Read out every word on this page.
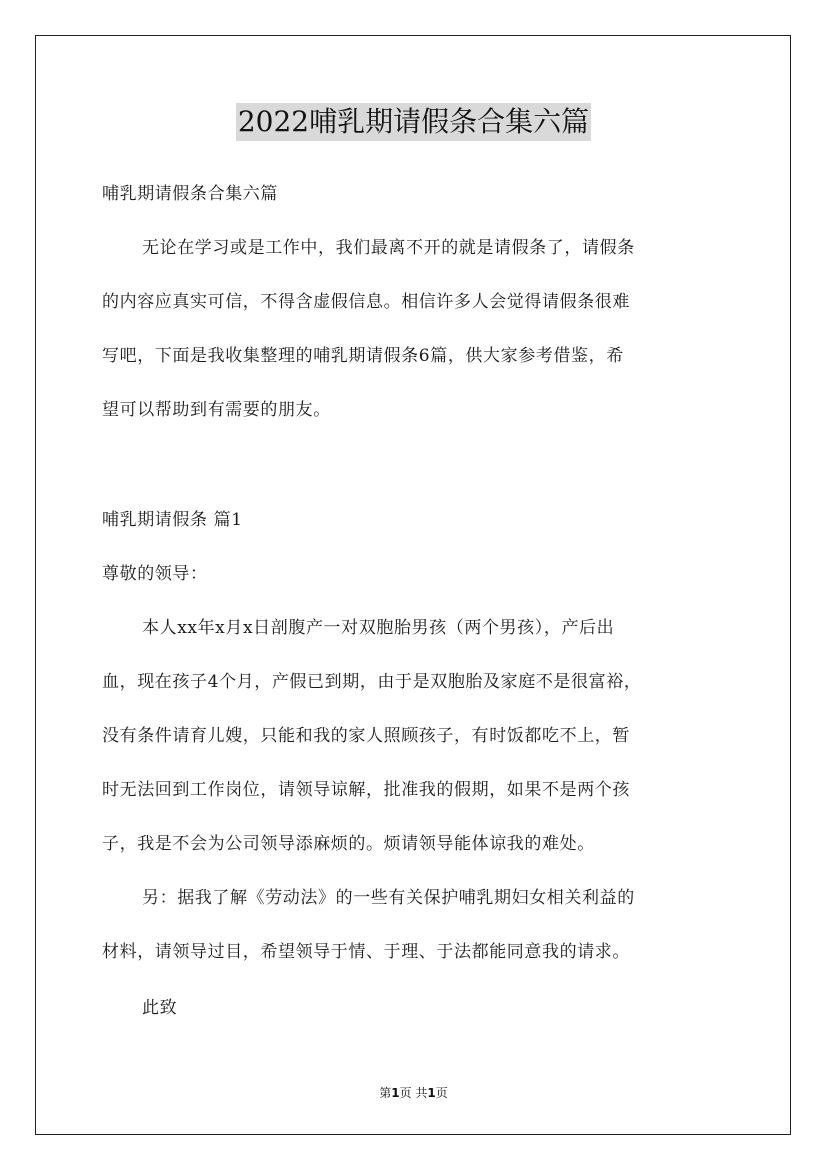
2022哺乳期请假条合集六篇
哺乳期请假条合集六篇
无论在学习或是工作中，我们最离不开的就是请假条了，请假条
的内容应真实可信，不得含虚假信息。相信许多人会觉得请假条很难
写吧，下面是我收集整理的哺乳期请假条6篇，供大家参考借鉴，希
望可以帮助到有需要的朋友。
哺乳期请假条 篇1
尊敬的领导：
本人xx年x月x日剖腹产一对双胞胎男孩（两个男孩），产后出
血，现在孩子4个月，产假已到期，由于是双胞胎及家庭不是很富裕，
没有条件请育儿嫂，只能和我的家人照顾孩子，有时饭都吃不上，暂
时无法回到工作岗位，请领导谅解，批准我的假期，如果不是两个孩
子，我是不会为公司领导添麻烦的。烦请领导能体谅我的难处。
另：据我了解《劳动法》的一些有关保护哺乳期妇女相关利益的
材料，请领导过目，希望领导于情、于理、于法都能同意我的请求。
此致
第1页 共1页
